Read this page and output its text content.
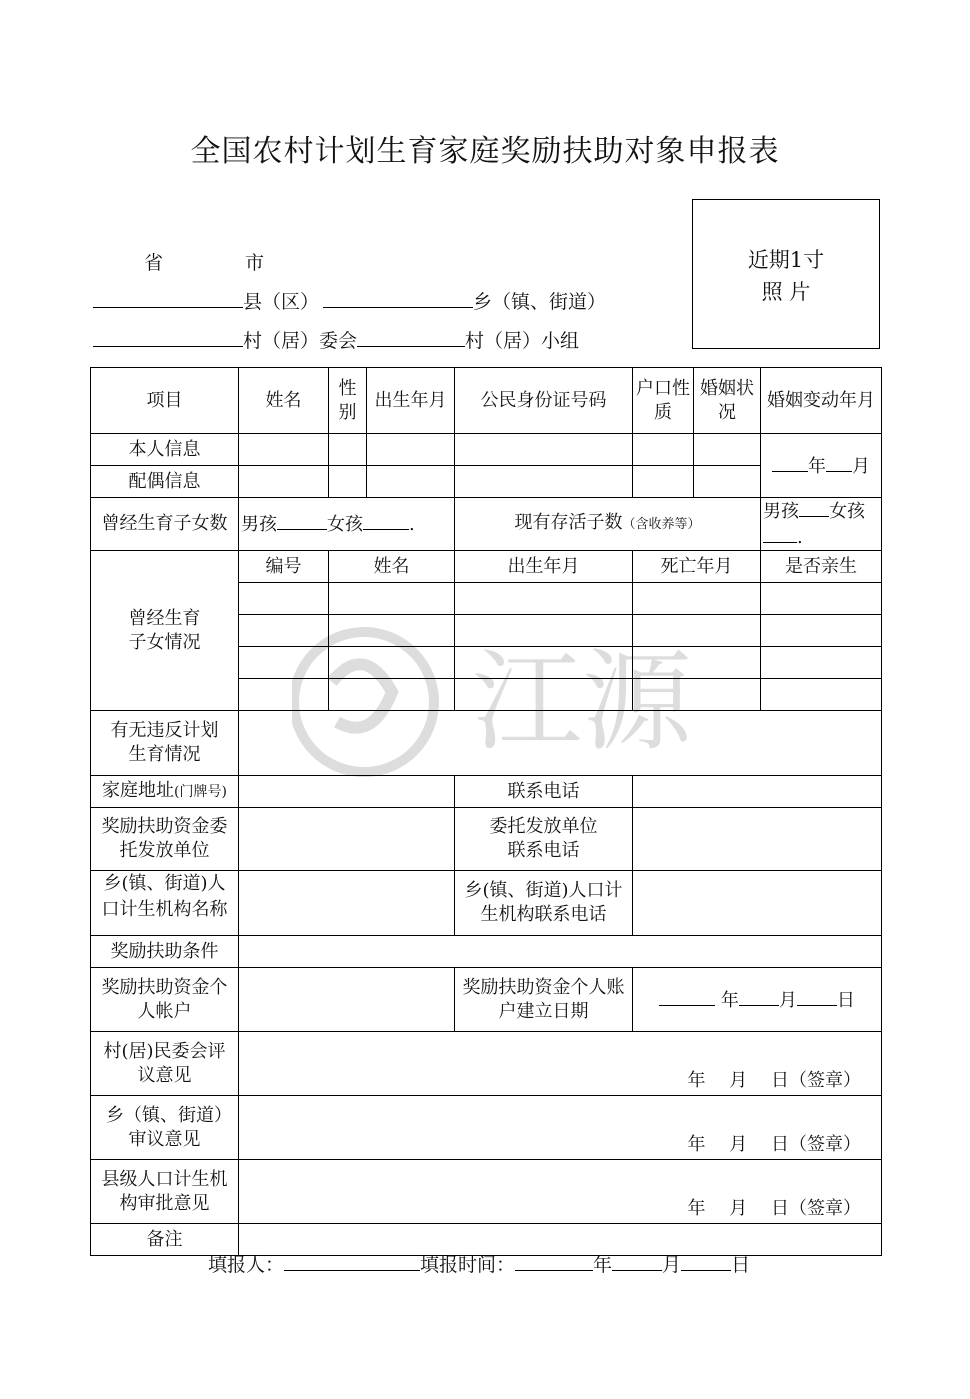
全国农村计划生育家庭奖励扶助对象申报表
省	市
县（区）	乡（镇、街道）
村（居）委会	村（居）小组
近期1寸
照 片
江源
项目	姓名	性别	出生年月	公民身份证号码	户口性质	婚姻状况	婚姻变动年月
本人信息							年 月
配偶信息							
曾经生育子女数	男孩 女孩 .			现有存活子数（含收养等）			男孩 女孩.

曾经生育子女情况	编号	姓名		出生年月	死亡年月		是否亲生

有无违反计划生育情况							

家庭地址(门牌号)				联系电话			

奖励扶助资金委托发放单位				委托发放单位联系电话			

乡(镇、街道)人口计生机构名称				乡(镇、街道)人口计生机构联系电话			

奖励扶助条件							

奖励扶助资金个人帐户				奖励扶助资金个人账户建立日期	年 月 日		

村(居)民委会评议意见	年　 月　 日（签章）						

乡（镇、街道）审议意见	年　 月　 日（签章）						

县级人口计生机构审批意见	年　 月　 日（签章）						
备注							
填报人：	填报时间：	年	月	日
